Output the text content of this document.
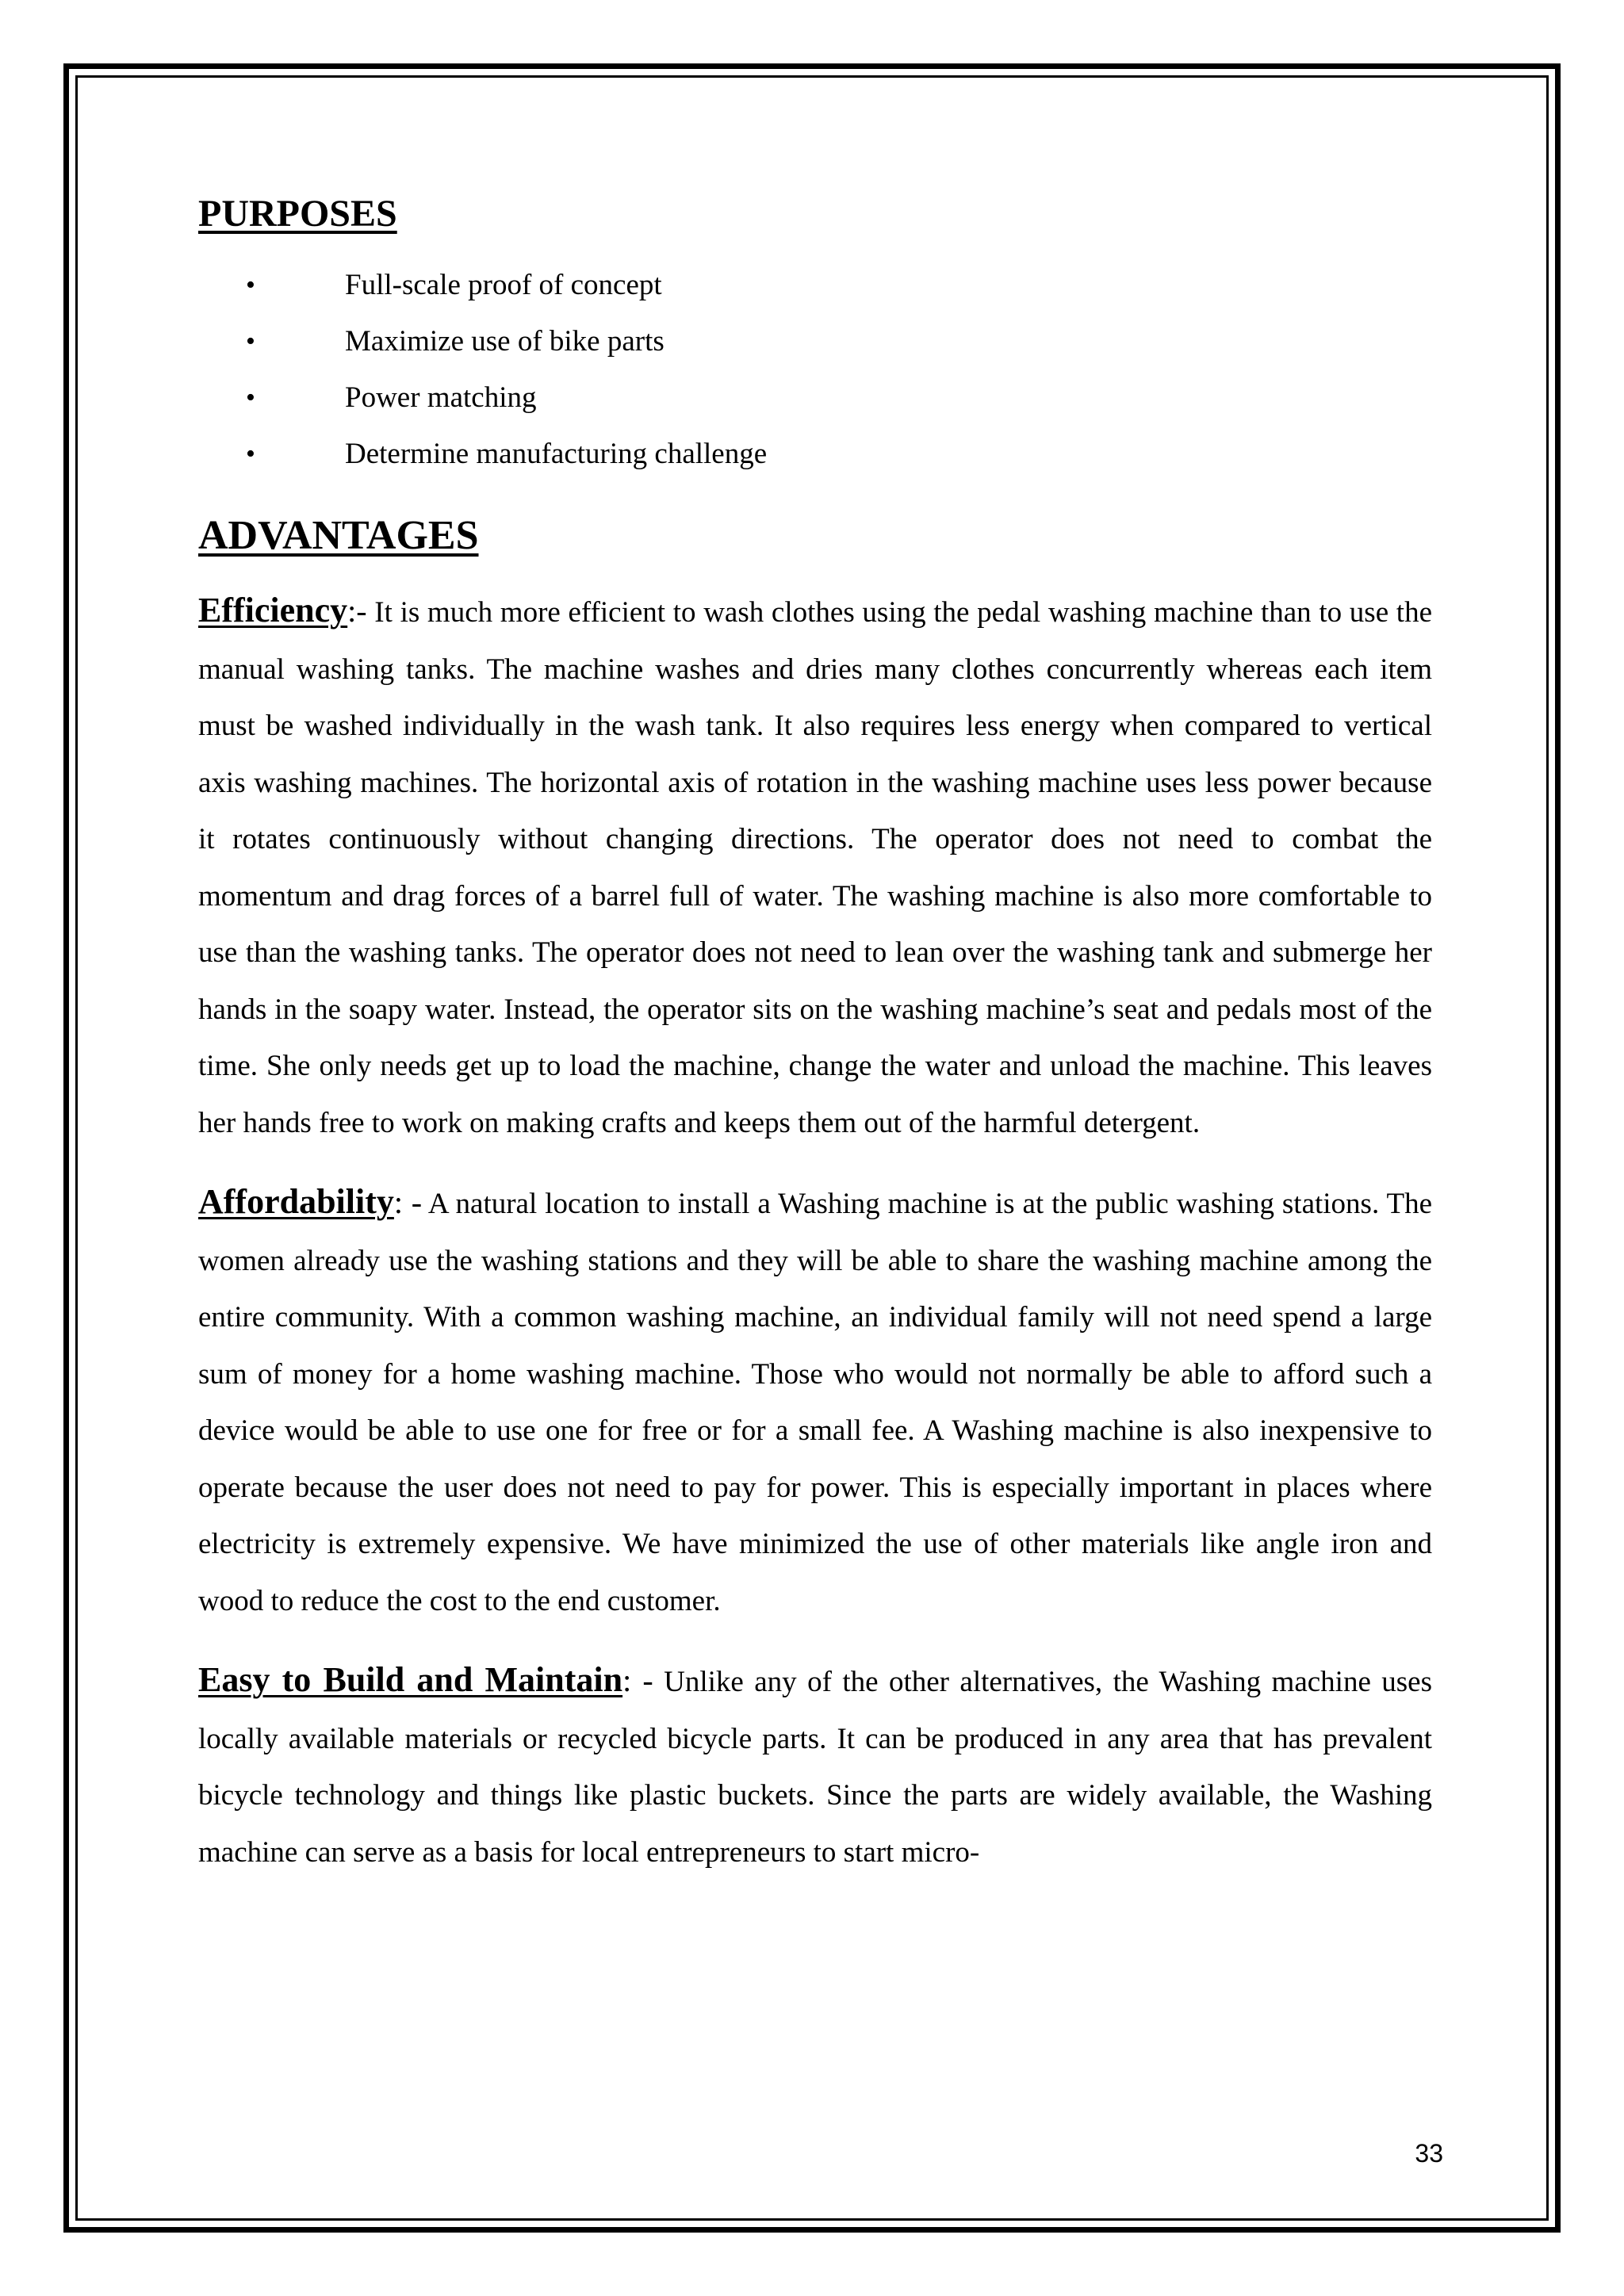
PURPOSES
•	Full-scale proof of concept
•	Maximize use of bike parts
•	Power matching
•	Determine manufacturing challenge
ADVANTAGES

Efficiency:- It is much more efficient to wash clothes using the pedal washing machine than to use the manual washing tanks. The machine washes and dries many clothes concurrently whereas each item must be washed individually in the wash tank. It also requires less energy when compared to vertical axis washing machines. The horizontal axis of rotation in the washing machine uses less power because it rotates continuously without changing directions. The operator does not need to combat the momentum and drag forces of a barrel full of water. The washing machine is also more comfortable to use than the washing tanks. The operator does not need to lean over the washing tank and submerge her hands in the soapy water. Instead, the operator sits on the washing machine’s seat and pedals most of the time. She only needs get up to load the machine, change the water and unload the machine. This leaves her hands free to work on making crafts and keeps them out of the harmful detergent.

Affordability: - A natural location to install a Washing machine is at the public washing stations. The women already use the washing stations and they will be able to share the washing machine among the entire community. With a common washing machine, an individual family will not need spend a large sum of money for a home washing machine. Those who would not normally be able to afford such a device would be able to use one for free or for a small fee. A Washing machine is also inexpensive to operate because the user does not need to pay for power. This is especially important in places where electricity is extremely expensive. We have minimized the use of other materials like angle iron and wood to reduce the cost to the end customer.

Easy to Build and Maintain: - Unlike any of the other alternatives, the Washing machine uses locally available materials or recycled bicycle parts. It can be produced in any area that has prevalent bicycle technology and things like plastic buckets. Since the parts are widely available, the Washing machine can serve as a basis for local entrepreneurs to start micro-

33
